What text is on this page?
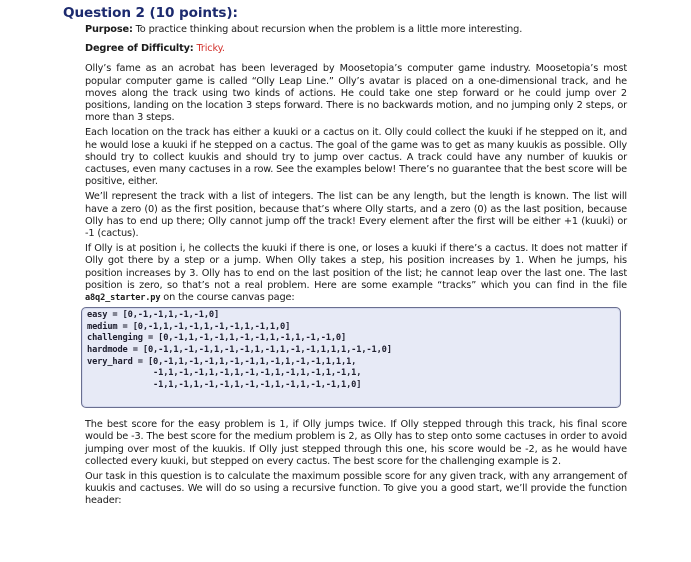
Question 2 (10 points):

Purpose: To practice thinking about recursion when the problem is a little more interesting.

Degree of Difficulty: Tricky.

Olly’s fame as an acrobat has been leveraged by Moosetopia’s computer game industry. Moosetopia’s most popular computer game is called “Olly Leap Line.” Olly’s avatar is placed on a one-dimensional track, and he moves along the track using two kinds of actions. He could take one step forward or he could jump over 2 positions, landing on the location 3 steps forward. There is no backwards motion, and no jumping only 2 steps, or more than 3 steps.

Each location on the track has either a kuuki or a cactus on it. Olly could collect the kuuki if he stepped on it, and he would lose a kuuki if he stepped on a cactus. The goal of the game was to get as many kuukis as possible. Olly should try to collect kuukis and should try to jump over cactus. A track could have any number of kuukis or cactuses, even many cactuses in a row. See the examples below! There’s no guarantee that the best score will be positive, either.

We’ll represent the track with a list of integers. The list can be any length, but the length is known. The list will have a zero (0) as the first position, because that’s where Olly starts, and a zero (0) as the last position, because Olly has to end up there; Olly cannot jump off the track! Every element after the first will be either +1 (kuuki) or -1 (cactus).

If Olly is at position i, he collects the kuuki if there is one, or loses a kuuki if there’s a cactus. It does not matter if Olly got there by a step or a jump. When Olly takes a step, his position increases by 1. When he jumps, his position increases by 3. Olly has to end on the last position of the list; he cannot leap over the last one. The last position is zero, so that’s not a real problem. Here are some example “tracks” which you can find in the file a8q2_starter.py on the course canvas page:

easy = [0,-1,-1,1,-1,-1,0]
medium = [0,-1,1,-1,-1,1,-1,-1,1,-1,1,0]
challenging = [0,-1,1,-1,-1,1,-1,-1,1,-1,1,-1,-1,0]
hardmode = [0,-1,1,-1,-1,1,-1,-1,1,-1,1,-1,-1,1,1,1,-1,-1,0]
very_hard = [0,-1,1,-1,-1,1,-1,-1,1,-1,1,-1,-1,1,1,1,
-1,1,-1,-1,1,-1,1,-1,-1,1,-1,1,-1,1,-1,1,
-1,1,-1,1,-1,-1,1,-1,-1,1,-1,1,-1,-1,1,0]

The best score for the easy problem is 1, if Olly jumps twice. If Olly stepped through this track, his final score would be -3. The best score for the medium problem is 2, as Olly has to step onto some cactuses in order to avoid jumping over most of the kuukis. If Olly just stepped through this one, his score would be -2, as he would have collected every kuuki, but stepped on every cactus. The best score for the challenging example is 2.

Our task in this question is to calculate the maximum possible score for any given track, with any arrangement of kuukis and cactuses. We will do so using a recursive function. To give you a good start, we’ll provide the function header:
